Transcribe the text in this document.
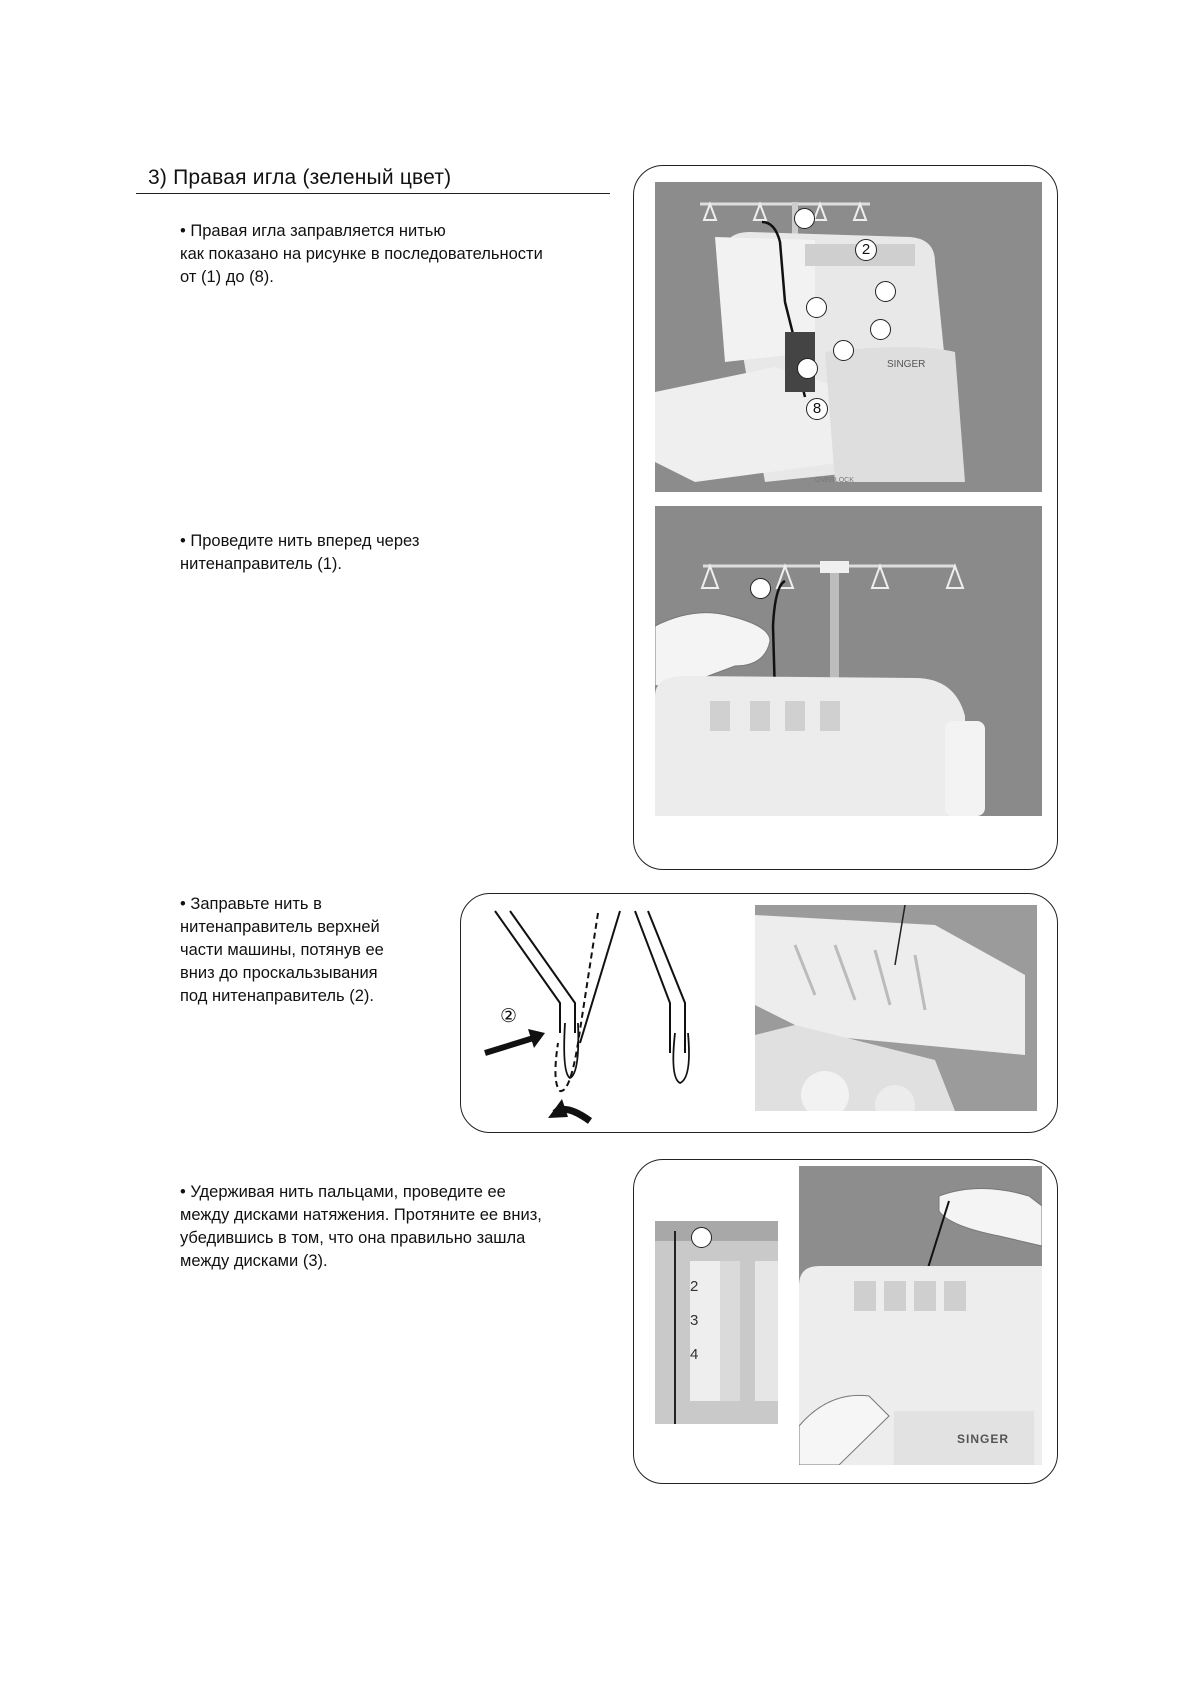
3) Правая игла (зеленый цвет)
• Правая игла заправляется нитью
как показано на рисунке в последовательности
от (1) до (8).
• Проведите нить вперед через
нитенаправитель (1).
• Заправьте нить в
нитенаправитель верхней
части машины, потянув ее
вниз до проскальзывания
под нитенаправитель (2).
• Удерживая нить пальцами, проведите ее
между дисками натяжения. Протяните ее вниз,
убедившись в том, что она правильно зашла
между дисками (3).
SINGER
OVERLOCK
2
8
②
2
3
4
SINGER
